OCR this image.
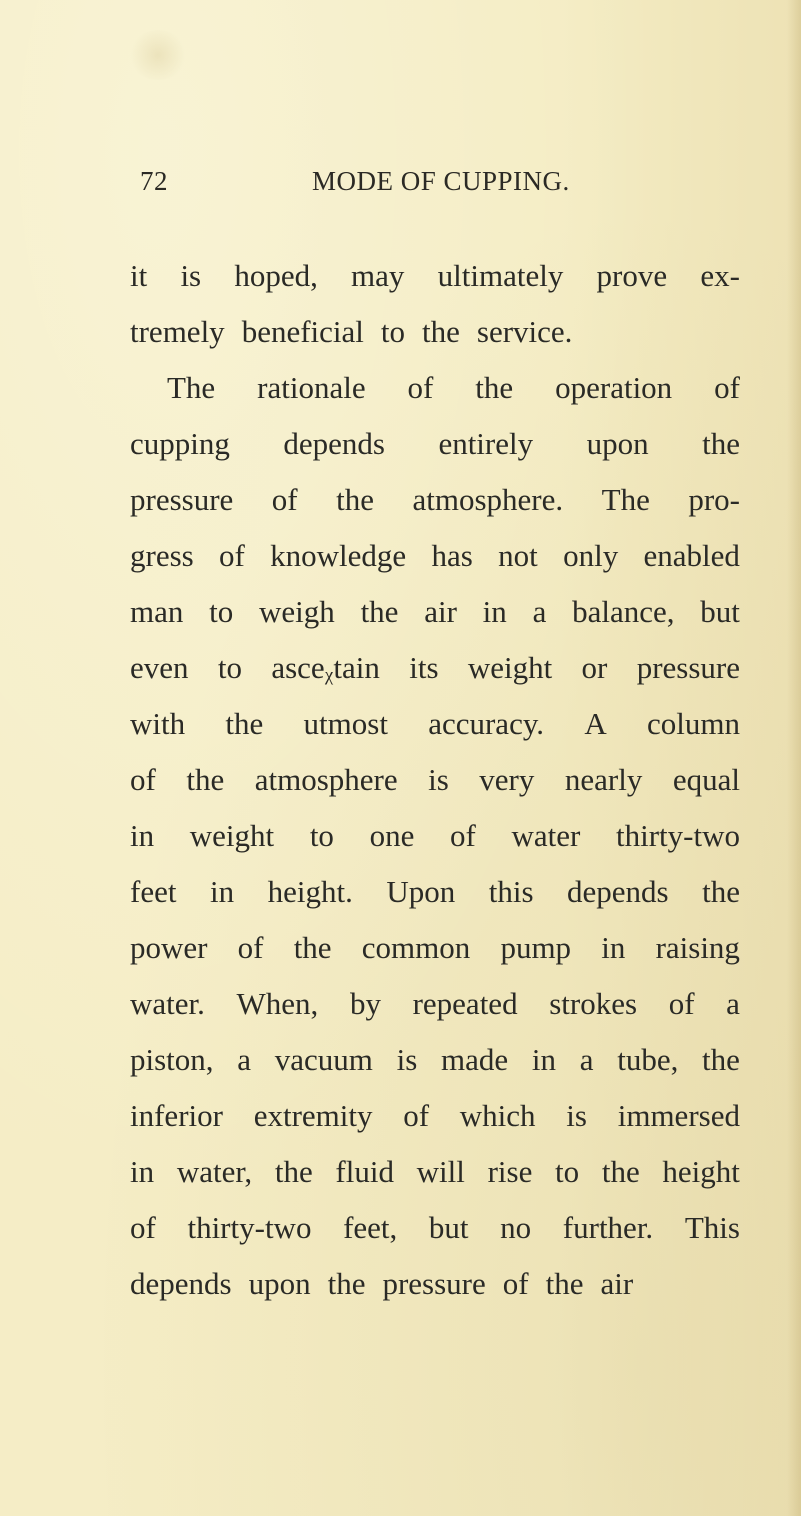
72	MODE OF CUPPING.
it is hoped, may ultimately prove ex-
tremely beneficial to the service.
The rationale of the operation of
cupping depends entirely upon the
pressure of the atmosphere. The pro-
gress of knowledge has not only enabled
man to weigh the air in a balance, but
even to asceᵪtain its weight or pressure
with the utmost accuracy. A column
of the atmosphere is very nearly equal
in weight to one of water thirty-two
feet in height. Upon this depends the
power of the common pump in raising
water. When, by repeated strokes of a
piston, a vacuum is made in a tube, the
inferior extremity of which is immersed
in water, the fluid will rise to the height
of thirty-two feet, but no further. This
depends upon the pressure of the air
